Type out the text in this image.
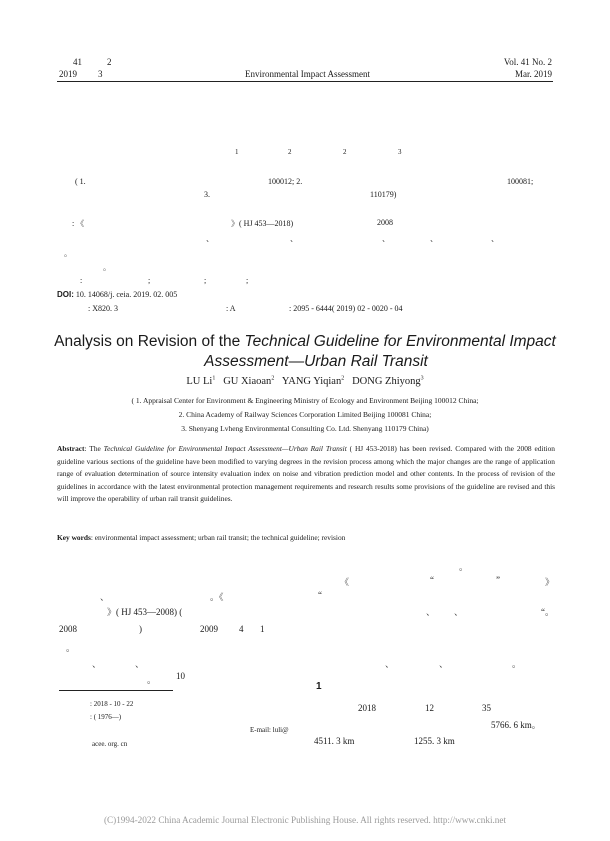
41	2
2019 3	Environmental Impact Assessment
Vol. 41 No. 2
Mar. 2019
1	2	2	3
( 1.	100012; 2.	100081;
3.	110179)
: 《	》( HJ 453—2018)	2008
、	、	、	、	、
。
。
:	;	;	;
DOI: 10. 14068/j. ceia. 2019. 02. 005
: X820. 3	: A	: 2095 - 6444( 2019) 02 - 0020 - 04
Analysis on Revision of the Technical Guideline for Environmental Impact
Assessment—Urban Rail Transit
LU Li$^1$ GU Xiaoan$^2$ YANG Yiqian$^2$ DONG Zhiyong$^3$
( 1. Appraisal Center for Environment & Engineering Ministry of Ecology and Environment Beijing 100012 China;
2. China Academy of Railway Sciences Corporation Limited Beijing 100081 China;
3. Shenyang Lvheng Environmental Consulting Co. Ltd. Shenyang 110179 China)
Abstract: The Technical Guideline for Environmental Impact Assessment—Urban Rail Transit ( HJ 453-2018) has been revised. Compared with the 2008 edition guideline various sections of the guideline have been modified to varying degrees in the revision process among which the major changes are the range of application range of evaluation determination of source intensity evaluation index on noise and vibration prediction model and other contents. In the process of revision of the guidelines in accordance with the latest environmental protection management requirements and research results some provisions of the guideline are revised and this will improve the operability of urban rail transit guidelines.
Key words: environmental impact assessment; urban rail transit; the technical guideline; revision
。
《	“	”	》
、	。《	“
》( HJ 453—2008) (	、 、	“。
2008	)	2009 4 1
。
、	、	、	、	。
。 10
1
: 2018 - 10 - 22
: ( 1976—)
E-mail: luli@
acee. org. cn
2018	12	35
5766. 6 km。
4511. 3 km	1255. 3 km
(C)1994-2022 China Academic Journal Electronic Publishing House. All rights reserved. http://www.cnki.net
